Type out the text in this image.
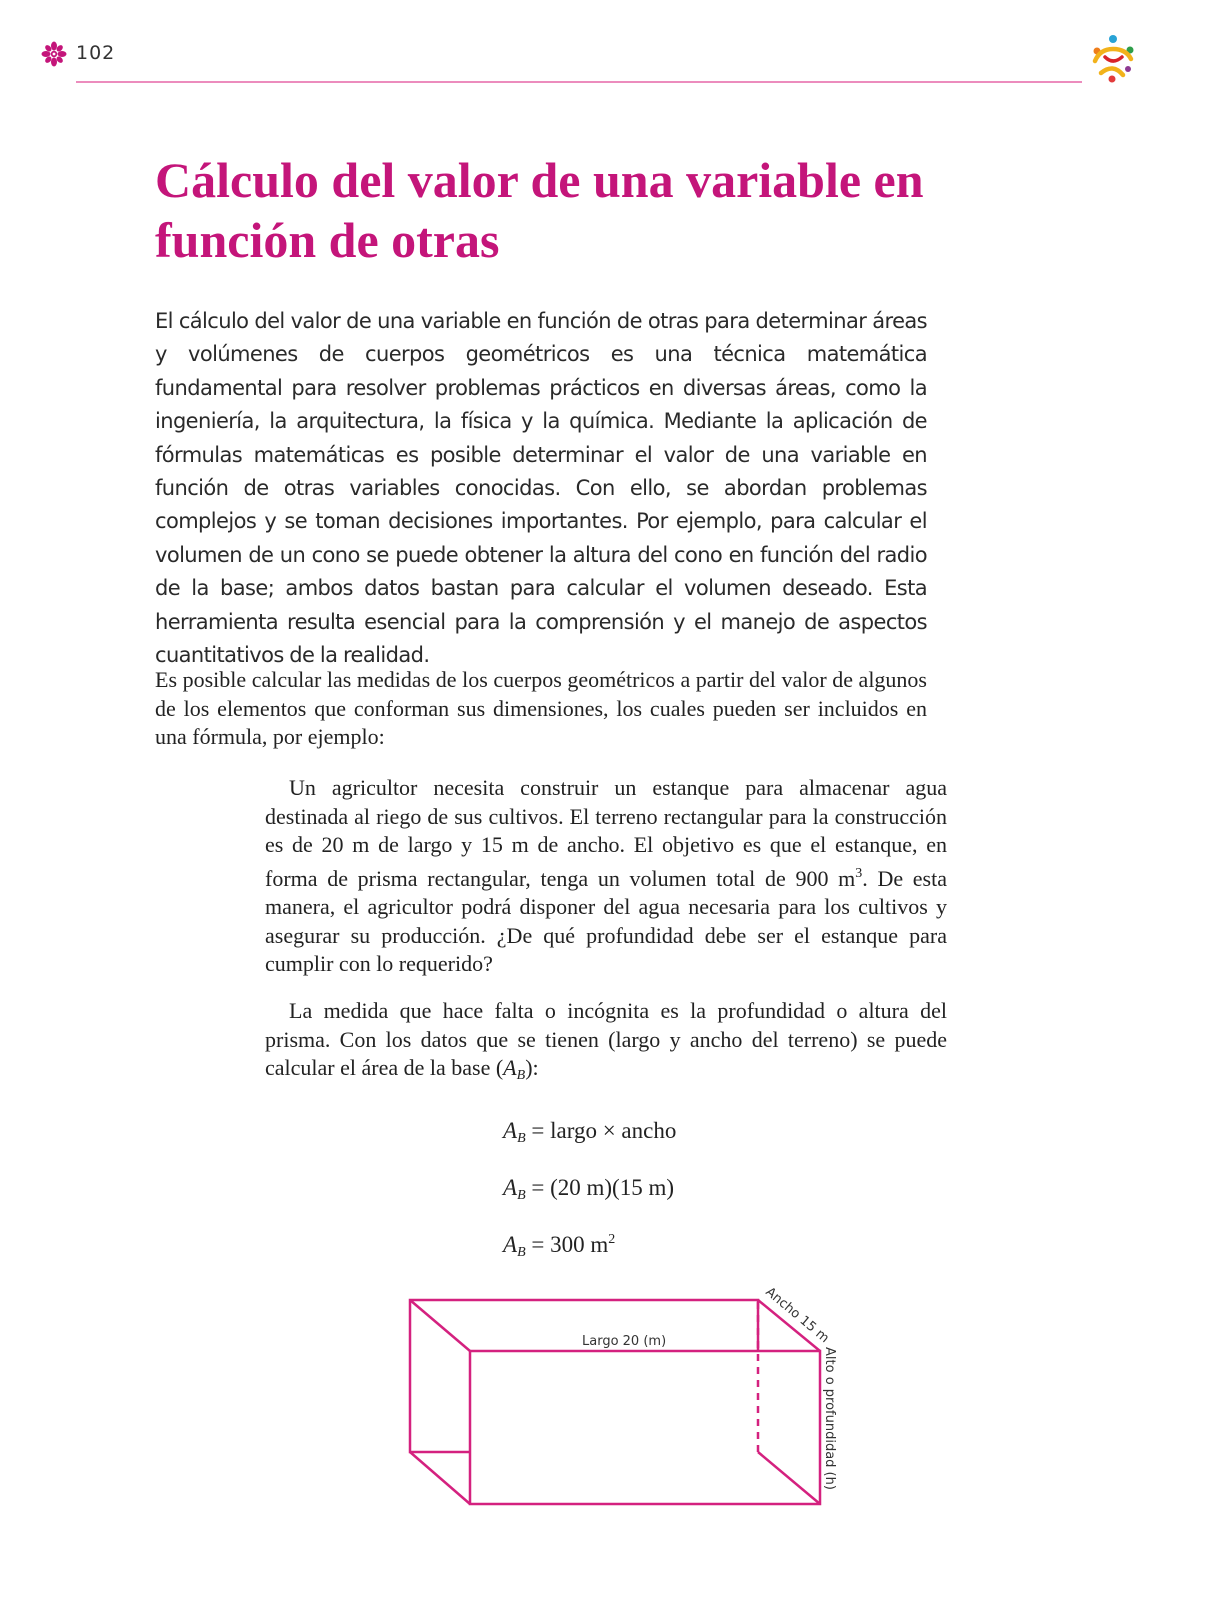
102
Cálculo del valor de una variable en función de otras

El cálculo del valor de una variable en función de otras para determinar áreas y volúmenes de cuerpos geométricos es una técnica matemática fundamental para resolver problemas prácticos en diversas áreas, como la ingeniería, la arquitectura, la física y la química. Mediante la aplicación de fórmulas matemáticas es posible determinar el valor de una variable en función de otras variables conocidas. Con ello, se abordan problemas complejos y se toman decisiones importantes. Por ejemplo, para calcular el volumen de un cono se puede obtener la altura del cono en función del radio de la base; ambos datos bastan para calcular el volumen deseado. Esta herramienta resulta esencial para la comprensión y el manejo de aspectos cuantitativos de la realidad.

Es posible calcular las medidas de los cuerpos geométricos a partir del valor de algunos de los elementos que conforman sus dimensiones, los cuales pueden ser incluidos en una fórmula, por ejemplo:

Un agricultor necesita construir un estanque para almacenar agua destinada al riego de sus cultivos. El terreno rectangular para la construcción es de 20 m de largo y 15 m de ancho. El objetivo es que el estanque, en forma de prisma rectangular, tenga un volumen total de 900 $m^3$. De esta manera, el agricultor podrá disponer del agua necesaria para los cultivos y asegurar su producción. ¿De qué profundidad debe ser el estanque para cumplir con lo requerido?

La medida que hace falta o incógnita es la profundidad o altura del prisma. Con los datos que se tienen (largo y ancho del terreno) se puede calcular el área de la base $(A_B)$:

$A_B$ = largo × ancho
$A_B = (20$ m)(15 m)
$A_B = 300$ $m^2$
Largo 20 (m)	Ancho 15 m
Alto o profundidad (h)
